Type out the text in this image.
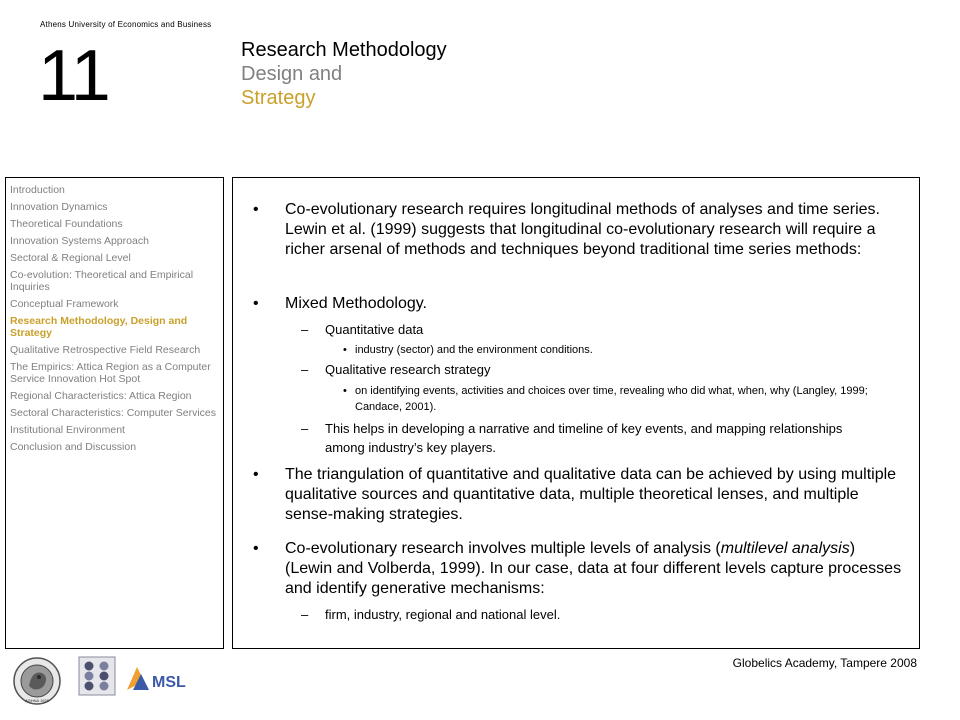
Athens University of Economics and Business
11	Research Methodology
Design and
Strategy
Introduction
Innovation Dynamics
Theoretical Foundations
Innovation Systems Approach
Sectoral & Regional Level
Co-evolution: Theoretical and Empirical Inquiries
Conceptual Framework
Research Methodology, Design and Strategy
Qualitative Retrospective Field Research
The Empirics: Attica Region as a Computer Service Innovation Hot Spot
Regional Characteristics: Attica Region
Sectoral Characteristics: Computer Services
Institutional Environment
Conclusion and Discussion
• Co-evolutionary research requires longitudinal methods of analyses and time series. Lewin et al. (1999) suggests that longitudinal co-evolutionary research will require a richer arsenal of methods and techniques beyond traditional time series methods:
• Mixed Methodology.
– Quantitative data
• industry (sector) and the environment conditions.
– Qualitative research strategy
• on identifying events, activities and choices over time, revealing who did what, when, why (Langley, 1999; Candace, 2001).
– This helps in developing a narrative and timeline of key events, and mapping relationships among industry’s key players.
• The triangulation of quantitative and qualitative data can be achieved by using multiple qualitative sources and quantitative data, multiple theoretical lenses, and multiple sense-making strategies.
• Co-evolutionary research involves multiple levels of analysis (multilevel analysis) (Lewin and Volberda, 1999). In our case, data at four different levels capture processes and identify generative mechanisms:
– firm, industry, regional and national level.
ΑΘΗΝΑ 1920
MSL
Globelics Academy, Tampere 2008
